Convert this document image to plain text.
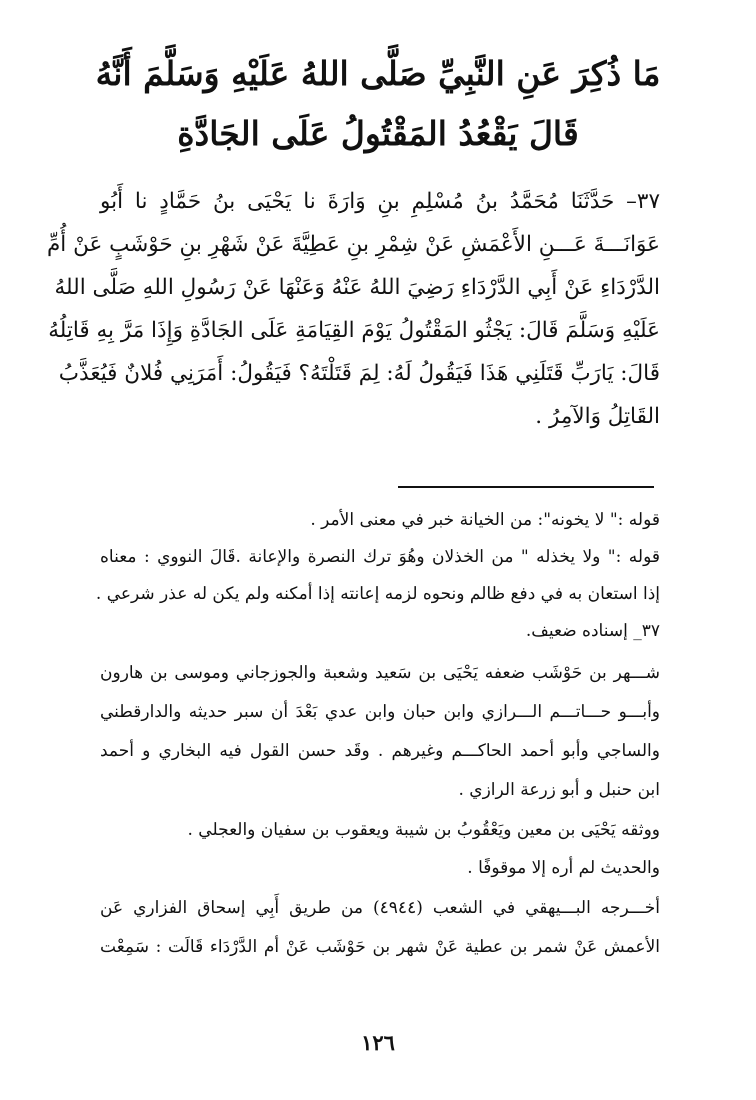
مَا ذُكِرَ عَنِ النَّبِيِّ صَلَّى اللهُ عَلَيْهِ وَسَلَّمَ أَنَّهُ
قَالَ يَقْعُدُ المَقْتُولُ عَلَى الجَادَّةِ
٣٧– حَدَّثَنَا مُحَمَّدُ بنُ مُسْلِمِ بنِ وَارَةَ نا يَحْيَى بنُ حَمَّادٍ نا أَبُو
عَوَانَـــةَ عَـــنِ الأَعْمَشِ عَنْ شِمْرِ بنِ عَطِيَّةَ عَنْ شَهْرِ بنِ حَوْشَبٍ عَنْ أُمِّ
الدَّرْدَاءِ عَنْ أَبِي الدَّرْدَاءِ رَضِيَ اللهُ عَنْهُ وَعَنْهَا عَنْ رَسُولِ اللهِ صَلَّى اللهُ
عَلَيْهِ وَسَلَّمَ قَالَ: يَجْثُو المَقْتُولُ يَوْمَ القِيَامَةِ عَلَى الجَادَّةِ وَإِذَا مَرَّ بِهِ قَاتِلُهُ
قَالَ: يَارَبِّ قَتَلَنِي هَذَا فَيَقُولُ لَهُ: لِمَ قَتَلْتَهُ؟ فَيَقُولُ: أَمَرَنِي فُلانٌ فَيُعَذَّبُ
القَاتِلُ وَالآمِرُ .
قوله :" لا يخونه": من الخيانة خبر في معنى الأمر .
قوله :" ولا يخذله " من الخذلان وهُوَ ترك النصرة والإعانة .قَالَ النووي : معناه
إذا استعان به في دفع ظالم ونحوه لزمه إعانته إذا أمكنه ولم يكن له عذر شرعي .
٣٧_ إسناده ضعيف.
شـــهر بن حَوْشَب ضعفه يَحْيَى بن سَعيد وشعبة والجوزجاني وموسى بن هارون
وأبـــو حـــاتـــم الـــرازي وابن حبان وابن عدي بَعْدَ أن سبر حديثه والدارقطني
والساجي وأبو أحمد الحاكـــم وغيرهم . وقَد حسن القول فيه البخاري و أحمد
ابن حنبل و أبو زرعة الرازي .
ووثقه يَحْيَى بن معين ويَعْقُوبُ بن شيبة ويعقوب بن سفيان والعجلي .
والحديث لم أره إلا موقوفًا .
أخـــرجه البـــيهقي في الشعب (٤٩٤٤) من طريق أَبِي إسحاق الفزاري عَن
الأعمش عَنْ شمر بن عطية عَنْ شهر بن حَوْشَب عَنْ أم الدَّرْدَاء قَالَت : سَمِعْت
١٢٦
